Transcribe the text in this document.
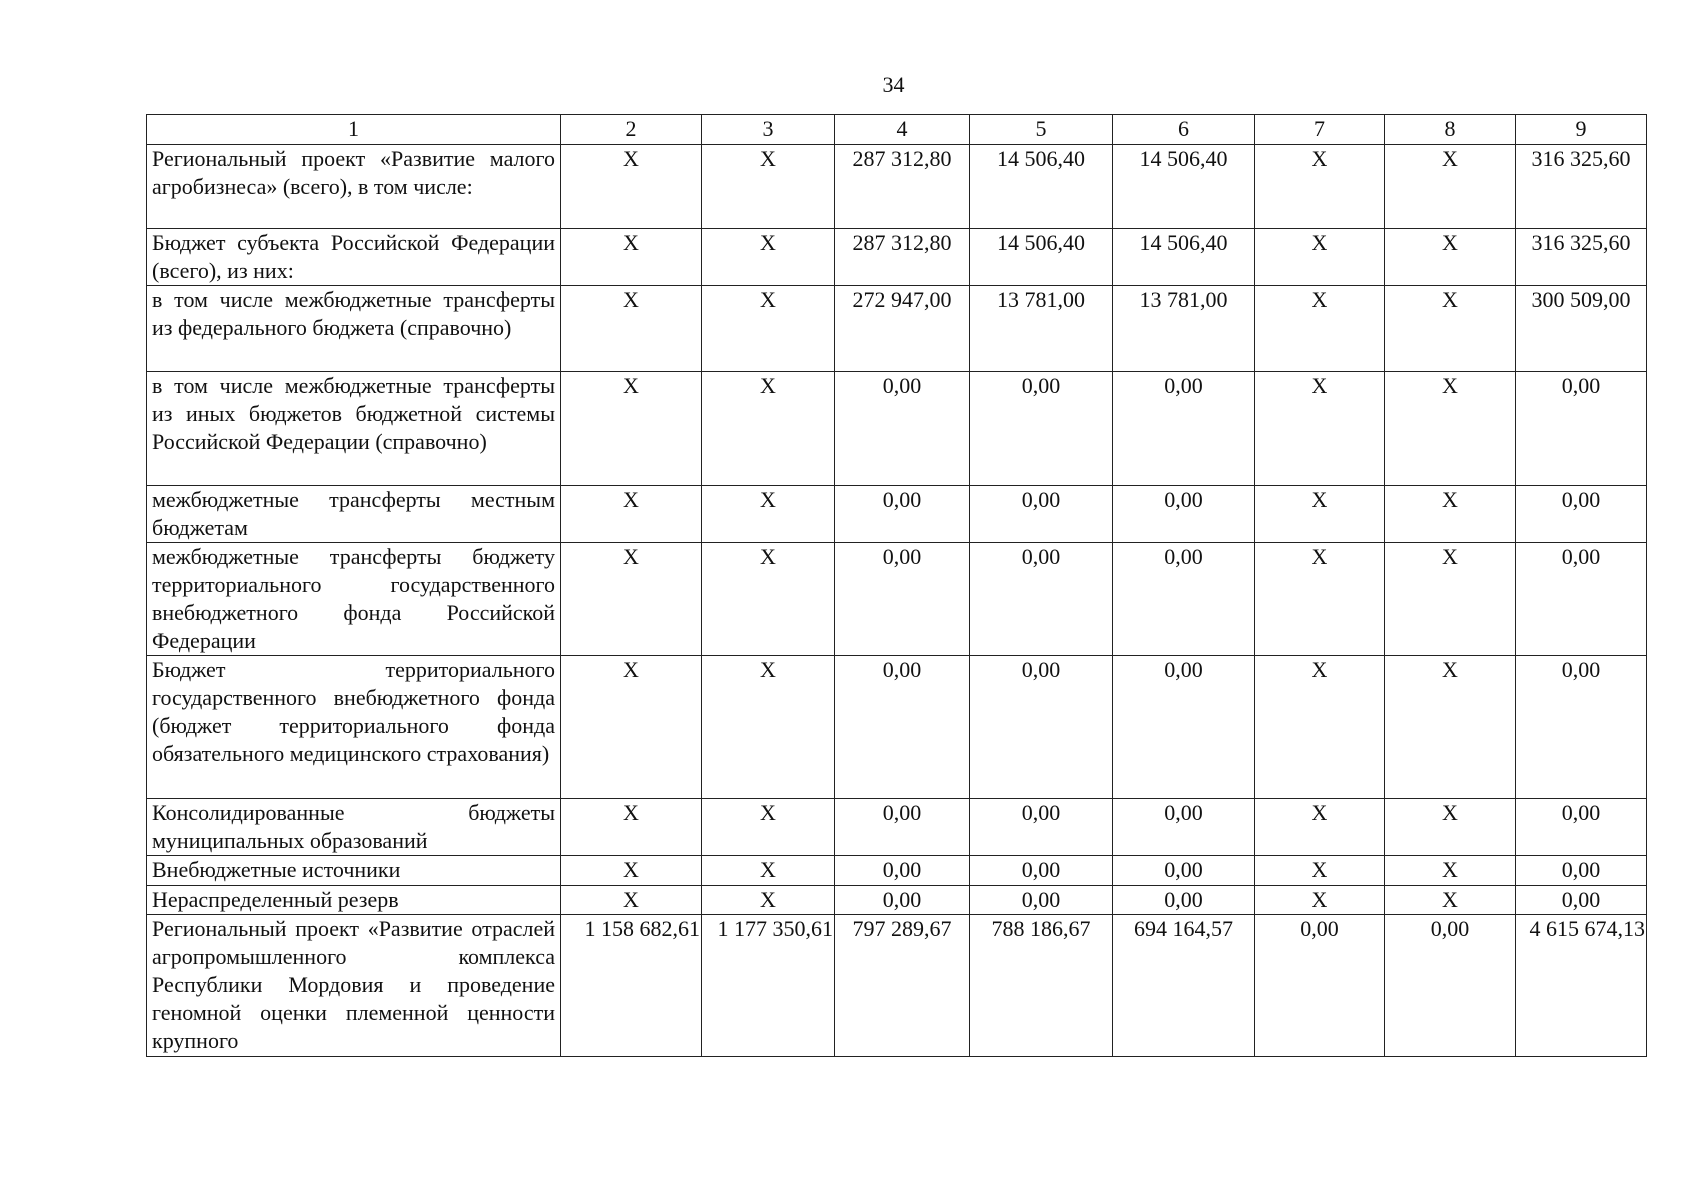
34
1	2	3	4	5	6	7	8	9
Региональный проект «Развитие малого агробизнеса» (всего), в том числе:	X	X	287 312,80	14 506,40	14 506,40	X	X	316 325,60
Бюджет субъекта Российской Федерации (всего), из них:	X	X	287 312,80	14 506,40	14 506,40	X	X	316 325,60
в том числе межбюджетные трансферты из федерального бюджета (справочно)	X	X	272 947,00	13 781,00	13 781,00	X	X	300 509,00
в том числе межбюджетные трансферты из иных бюджетов бюджетной системы Российской Федерации (справочно)	X	X	0,00	0,00	0,00	X	X	0,00
межбюджетные трансферты местным бюджетам	X	X	0,00	0,00	0,00	X	X	0,00
межбюджетные трансферты бюджету территориального государственного внебюджетного фонда Российской Федерации	X	X	0,00	0,00	0,00	X	X	0,00
Бюджет территориального государственного внебюджетного фонда (бюджет территориального фонда обязательного медицинского страхования)	X	X	0,00	0,00	0,00	X	X	0,00
Консолидированные бюджеты муниципальных образований	X	X	0,00	0,00	0,00	X	X	0,00
Внебюджетные источники	X	X	0,00	0,00	0,00	X	X	0,00
Нераспределенный резерв	X	X	0,00	0,00	0,00	X	X	0,00
Региональный проект «Развитие отраслей агропромышленного комплекса Республики Мордовия и проведение геномной оценки племенной ценности крупного	1 158 682,61	1 177 350,61	797 289,67	788 186,67	694 164,57	0,00	0,00	4 615 674,13
